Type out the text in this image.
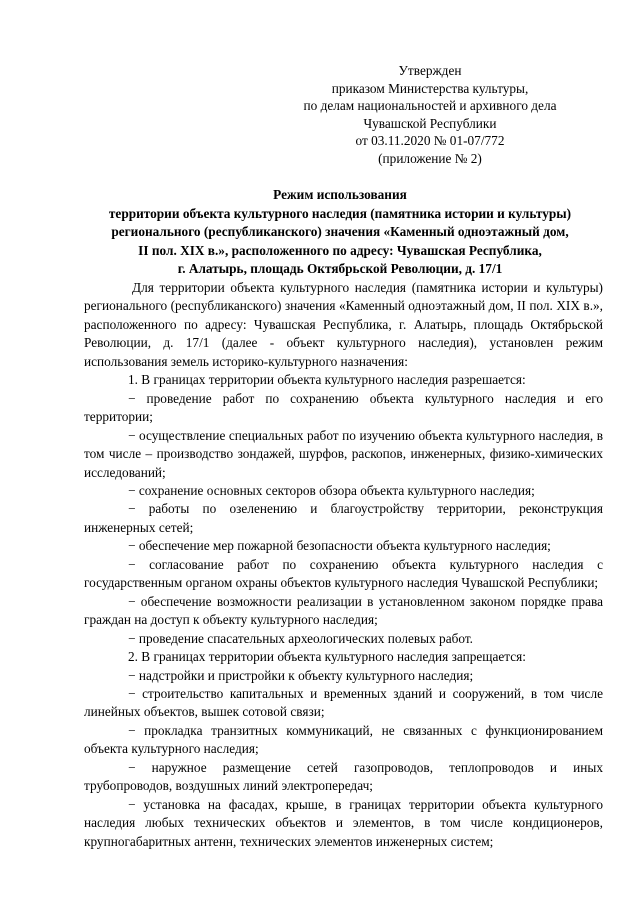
Утвержден
приказом Министерства культуры,
по делам национальностей и архивного дела
Чувашской Республики
от 03.11.2020 № 01-07/772
(приложение № 2)
Режим использования
территории объекта культурного наследия (памятника истории и культуры)
регионального (республиканского) значения «Каменный одноэтажный дом,
II пол. XIX в.», расположенного по адресу: Чувашская Республика,
г. Алатырь, площадь Октябрьской Революции, д. 17/1

Для территории объекта культурного наследия (памятника истории и культуры) регионального (республиканского) значения «Каменный одноэтажный дом, II пол. XIX в.», расположенного по адресу: Чувашская Республика, г. Алатырь, площадь Октябрьской Революции, д. 17/1 (далее - объект культурного наследия), установлен режим использования земель историко-культурного назначения:

1. В границах территории объекта культурного наследия разрешается:

− проведение работ по сохранению объекта культурного наследия и его территории;

− осуществление специальных работ по изучению объекта культурного наследия, в том числе – производство зондажей, шурфов, раскопов, инженерных, физико-химических исследований;

− сохранение основных секторов обзора объекта культурного наследия;

− работы по озеленению и благоустройству территории, реконструкция инженерных сетей;

− обеспечение мер пожарной безопасности объекта культурного наследия;

− согласование работ по сохранению объекта культурного наследия с государственным органом охраны объектов культурного наследия Чувашской Республики;

− обеспечение возможности реализации в установленном законом порядке права граждан на доступ к объекту культурного наследия;

− проведение спасательных археологических полевых работ.

2. В границах территории объекта культурного наследия запрещается:

− надстройки и пристройки к объекту культурного наследия;

− строительство капитальных и временных зданий и сооружений, в том числе линейных объектов, вышек сотовой связи;

− прокладка транзитных коммуникаций, не связанных с функционированием объекта культурного наследия;

− наружное размещение сетей газопроводов, теплопроводов и иных трубопроводов, воздушных линий электропередач;

− установка на фасадах, крыше, в границах территории объекта культурного наследия любых технических объектов и элементов, в том числе кондиционеров, крупногабаритных антенн, технических элементов инженерных систем;
